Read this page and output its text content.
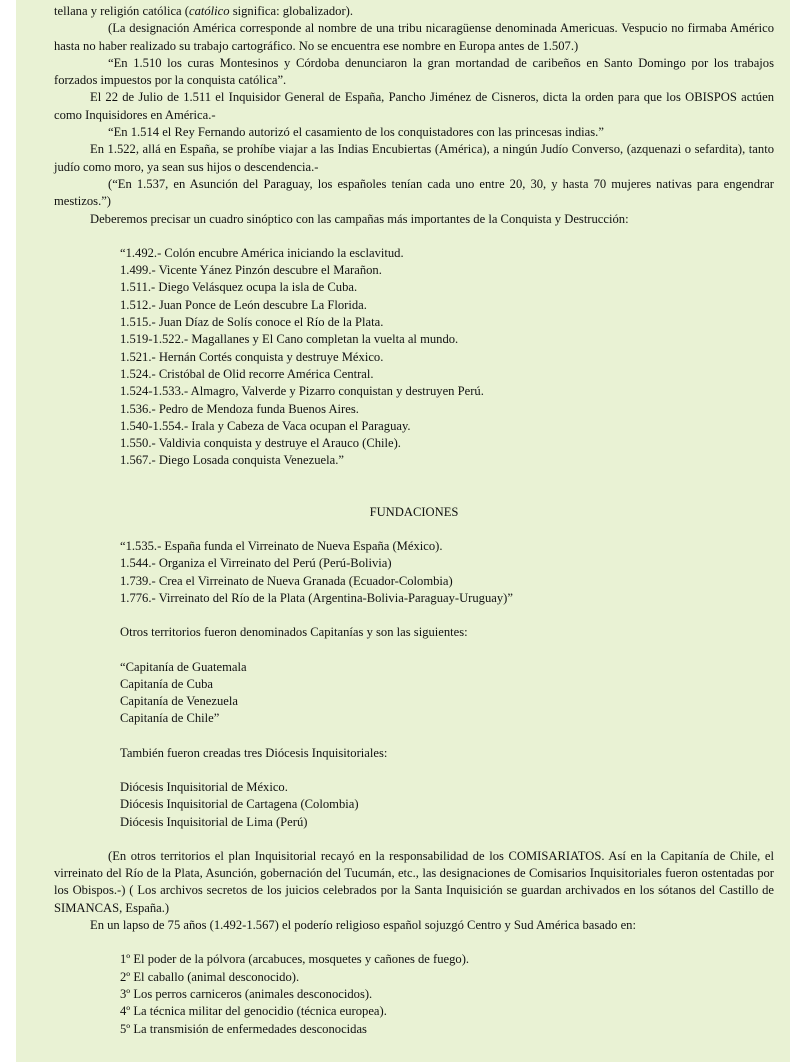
tellana y religión católica (católico significa: globalizador).

(La designación América corresponde al nombre de una tribu nicaragüense denominada Americuas. Vespucio no firmaba Américo hasta no haber realizado su trabajo cartográfico. No se encuentra ese nombre en Europa antes de 1.507.)

“En 1.510 los curas Montesinos y Córdoba denunciaron la gran mortandad de caribeños en Santo Domingo por los trabajos forzados impuestos por la conquista católica”.

El 22 de Julio de 1.511 el Inquisidor General de España, Pancho Jiménez de Cisneros, dicta la orden para que los OBISPOS actúen como Inquisidores en América.-

“En 1.514 el Rey Fernando autorizó el casamiento de los conquistadores con las princesas indias.”

En 1.522, allá en España, se prohíbe viajar a las Indias Encubiertas (América), a ningún Judío Converso, (azquenazi o sefardita), tanto judío como moro, ya sean sus hijos o descendencia.-

(“En 1.537, en Asunción del Paraguay, los españoles tenían cada uno entre 20, 30, y hasta 70 mujeres nativas para engendrar mestizos.”)

Deberemos precisar un cuadro sinóptico con las campañas más importantes de la Conquista y Destrucción:

“1.492.- Colón encubre América iniciando la esclavitud.
1.499.- Vicente Yánez Pinzón descubre el Marañon.
1.511.- Diego Velásquez ocupa la isla de Cuba.
1.512.- Juan Ponce de León descubre La Florida.
1.515.- Juan Díaz de Solís conoce el Río de la Plata.
1.519-1.522.- Magallanes y El Cano completan la vuelta al mundo.
1.521.- Hernán Cortés conquista y destruye México.
1.524.- Cristóbal de Olid recorre América Central.
1.524-1.533.- Almagro, Valverde y Pizarro conquistan y destruyen Perú.
1.536.- Pedro de Mendoza funda Buenos Aires.
1.540-1.554.- Irala y Cabeza de Vaca ocupan el Paraguay.
1.550.- Valdivia conquista y destruye el Arauco (Chile).
1.567.- Diego Losada conquista Venezuela.”

FUNDACIONES

“1.535.- España funda el Virreinato de Nueva España (México).
1.544.- Organiza el Virreinato del Perú (Perú-Bolivia)
1.739.- Crea el Virreinato de Nueva Granada (Ecuador-Colombia)
1.776.- Virreinato del Río de la Plata (Argentina-Bolivia-Paraguay-Uruguay)”

Otros territorios fueron denominados Capitanías y son las siguientes:

“Capitanía de Guatemala
Capitanía de Cuba
Capitanía de Venezuela
Capitanía de Chile”

También fueron creadas tres Diócesis Inquisitoriales:

Diócesis Inquisitorial de México.
Diócesis Inquisitorial de Cartagena (Colombia)
Diócesis Inquisitorial de Lima (Perú)

(En otros territorios el plan Inquisitorial recayó en la responsabilidad de los COMISARIATOS. Así en la Capitanía de Chile, el virreinato del Río de la Plata, Asunción, gobernación del Tucumán, etc., las designaciones de Comisarios Inquisitoriales fueron ostentadas por los Obispos.-) ( Los archivos secretos de los juicios celebrados por la Santa Inquisición se guardan archivados en los sótanos del Castillo de SIMANCAS, España.)

En un lapso de 75 años (1.492-1.567) el poderío religioso español sojuzgó Centro y Sud América basado en:

1º El poder de la pólvora (arcabuces, mosquetes y cañones de fuego).
2º El caballo (animal desconocido).
3º Los perros carniceros (animales desconocidos).
4º La técnica militar del genocidio (técnica europea).
5º La transmisión de enfermedades desconocidas
